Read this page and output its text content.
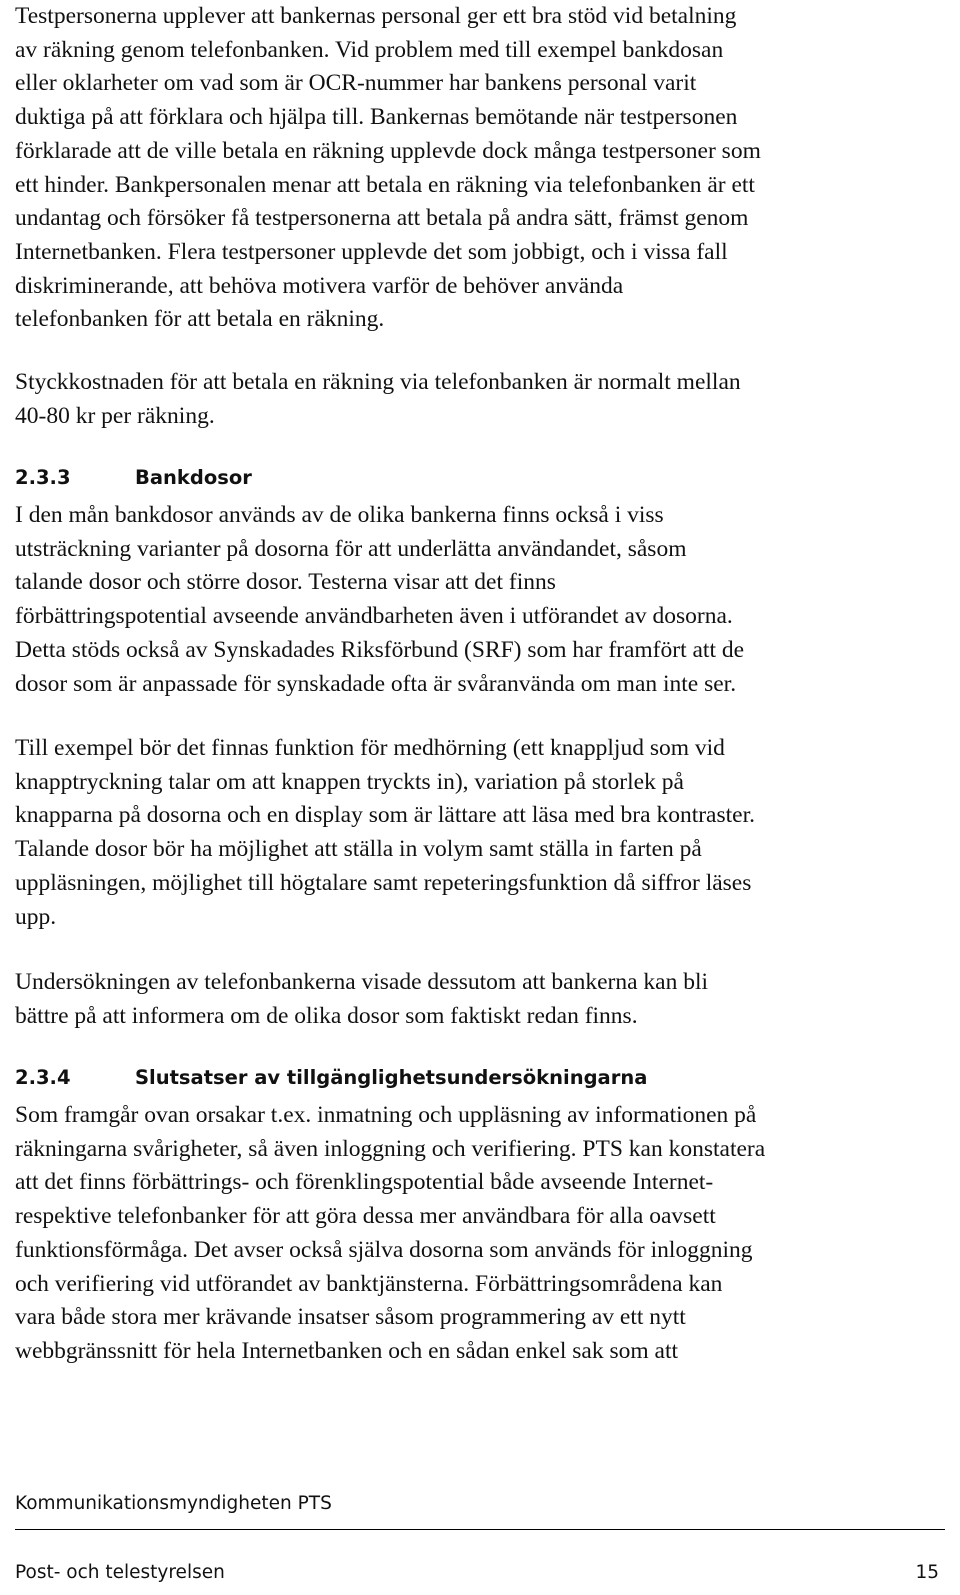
Testpersonerna upplever att bankernas personal ger ett bra stöd vid betalning
av räkning genom telefonbanken. Vid problem med till exempel bankdosan
eller oklarheter om vad som är OCR-nummer har bankens personal varit
duktiga på att förklara och hjälpa till. Bankernas bemötande när testpersonen
förklarade att de ville betala en räkning upplevde dock många testpersoner som
ett hinder. Bankpersonalen menar att betala en räkning via telefonbanken är ett
undantag och försöker få testpersonerna att betala på andra sätt, främst genom
Internetbanken. Flera testpersoner upplevde det som jobbigt, och i vissa fall
diskriminerande, att behöva motivera varför de behöver använda
telefonbanken för att betala en räkning.

Styckkostnaden för att betala en räkning via telefonbanken är normalt mellan
40-80 kr per räkning.

2.3.3	Bankdosor

I den mån bankdosor används av de olika bankerna finns också i viss
utsträckning varianter på dosorna för att underlätta användandet, såsom
talande dosor och större dosor. Testerna visar att det finns
förbättringspotential avseende användbarheten även i utförandet av dosorna.
Detta stöds också av Synskadades Riksförbund (SRF) som har framfört att de
dosor som är anpassade för synskadade ofta är svåranvända om man inte ser.

Till exempel bör det finnas funktion för medhörning (ett knappljud som vid
knapptryckning talar om att knappen tryckts in), variation på storlek på
knapparna på dosorna och en display som är lättare att läsa med bra kontraster.
Talande dosor bör ha möjlighet att ställa in volym samt ställa in farten på
uppläsningen, möjlighet till högtalare samt repeteringsfunktion då siffror läses
upp.

Undersökningen av telefonbankerna visade dessutom att bankerna kan bli
bättre på att informera om de olika dosor som faktiskt redan finns.

2.3.4	Slutsatser av tillgänglighetsundersökningarna

Som framgår ovan orsakar t.ex. inmatning och uppläsning av informationen på
räkningarna svårigheter, så även inloggning och verifiering. PTS kan konstatera
att det finns förbättrings- och förenklingspotential både avseende Internet-
respektive telefonbanker för att göra dessa mer användbara för alla oavsett
funktionsförmåga. Det avser också själva dosorna som används för inloggning
och verifiering vid utförandet av banktjänsterna. Förbättringsområdena kan
vara både stora mer krävande insatser såsom programmering av ett nytt
webbgränssnitt för hela Internetbanken och en sådan enkel sak som att

Kommunikationsmyndigheten PTS
Post- och telestyrelsen	15
